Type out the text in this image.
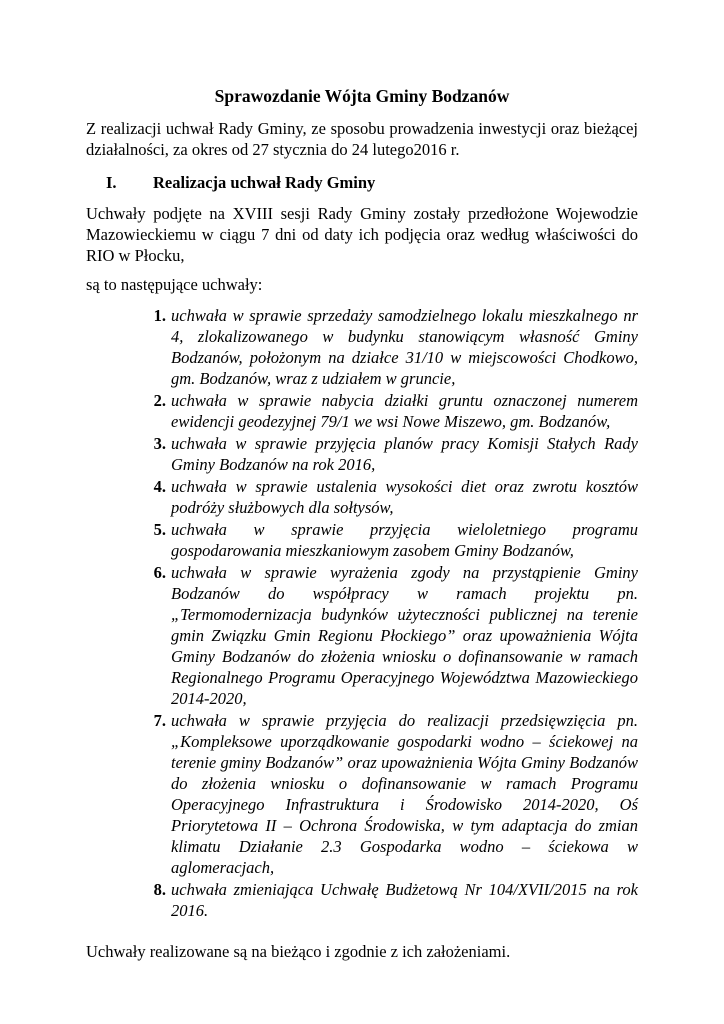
Sprawozdanie Wójta Gminy Bodzanów

Z realizacji uchwał Rady Gminy, ze sposobu prowadzenia inwestycji oraz bieżącej działalności, za okres od 27 stycznia do 24 lutego2016 r.

I.	Realizacja uchwał Rady Gminy

Uchwały podjęte na XVIII sesji Rady Gminy zostały przedłożone Wojewodzie Mazowieckiemu w ciągu 7 dni od daty ich podjęcia oraz według właściwości do RIO w Płocku,

są to następujące uchwały:

1. uchwała w sprawie sprzedaży samodzielnego lokalu mieszkalnego nr 4, zlokalizowanego w budynku stanowiącym własność Gminy Bodzanów, położonym na działce 31/10 w miejscowości Chodkowo, gm. Bodzanów, wraz z udziałem w gruncie,
2. uchwała w sprawie nabycia działki gruntu oznaczonej numerem ewidencji geodezyjnej 79/1 we wsi Nowe Miszewo, gm. Bodzanów,
3. uchwała w sprawie przyjęcia planów pracy Komisji Stałych Rady Gminy Bodzanów na rok 2016,
4. uchwała w sprawie ustalenia wysokości diet oraz zwrotu kosztów podróży służbowych dla sołtysów,
5. uchwała w sprawie przyjęcia wieloletniego programu gospodarowania mieszkaniowym zasobem Gminy Bodzanów,
6. uchwała w sprawie wyrażenia zgody na przystąpienie Gminy Bodzanów do współpracy w ramach projektu pn. „Termomodernizacja budynków użyteczności publicznej na terenie gmin Związku Gmin Regionu Płockiego” oraz upoważnienia Wójta Gminy Bodzanów do złożenia wniosku o dofinansowanie w ramach Regionalnego Programu Operacyjnego Województwa Mazowieckiego 2014-2020,
7. uchwała w sprawie przyjęcia do realizacji przedsięwzięcia pn. „Kompleksowe uporządkowanie gospodarki wodno – ściekowej na terenie gminy Bodzanów” oraz upoważnienia Wójta Gminy Bodzanów do złożenia wniosku o dofinansowanie w ramach Programu Operacyjnego Infrastruktura i Środowisko 2014-2020, Oś Priorytetowa II – Ochrona Środowiska, w tym adaptacja do zmian klimatu Działanie 2.3 Gospodarka wodno – ściekowa w aglomeracjach,
8. uchwała zmieniająca Uchwałę Budżetową Nr 104/XVII/2015 na rok 2016.

Uchwały realizowane są na bieżąco i zgodnie z ich założeniami.
